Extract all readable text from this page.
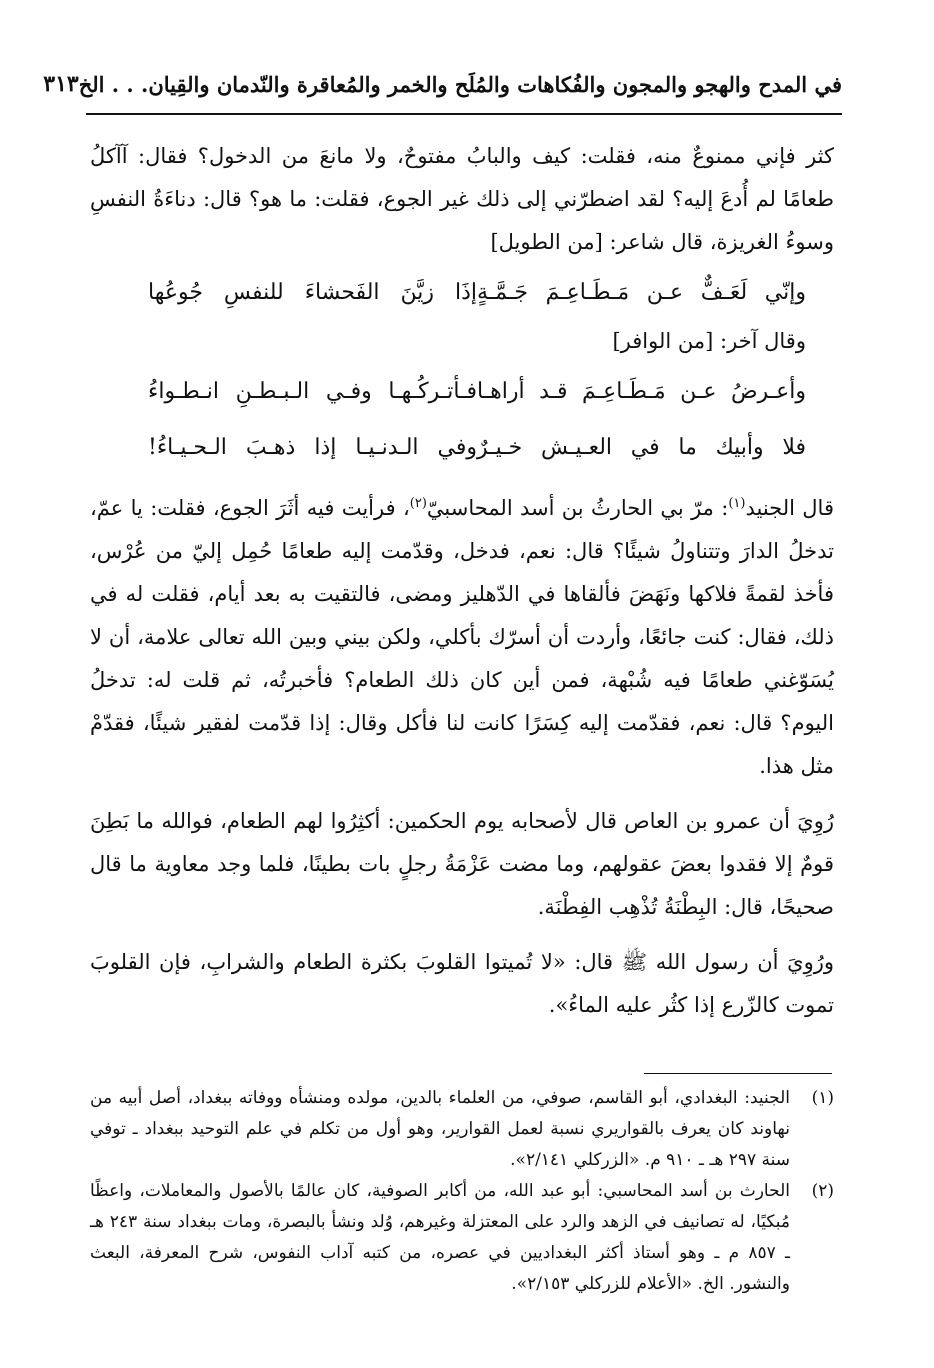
في المدح والهجو والمجون والفُكاهات والمُلَح والخمر والمُعاقرة والنّدمان والقِيان. . . الخ
٣١٣

كثر فإني ممنوعٌ منه، فقلت: كيف والبابُ مفتوحٌ، ولا مانعَ من الدخول؟ فقال: آآكلُ طعامًا لم أُدعَ إليه؟ لقد اضطرّني إلى ذلك غير الجوع، فقلت: ما هو؟ قال: دناءَةُ النفسِ وسوءُ الغريزة، قال شاعر: [من الطويل]

وإنّي لَعَـفٌّ عـن مَـطَـاعِـمَ جَـمَّـةٍ
إذَا زيَّنَ الفَحشاءَ للنفسِ جُوعُها

وقال آخر: [من الوافر]

وأعـرضُ عـن مَـطَـاعِـمَ قـد أراهـا
فـأتـركُـهـا وفـي الـبـطـنِ انـطـواءُ
فلا وأبيك ما في العـيـش خـيـرٌ
وفي الـدنـيـا إذا ذهـبَ الـحـيـاءُ!

قال الجنيد$^{(١)}$: مرّ بي الحارثُ بن أسد المحاسبيّ$^{(٢)}$، فرأيت فيه أثَرَ الجوع، فقلت: يا عمّ، تدخلُ الدارَ وتتناولُ شيئًا؟ قال: نعم، فدخل، وقدّمت إليه طعامًا حُمِل إليّ من عُرْس، فأخذ لقمةً فلاكها ونَهَضَ فألقاها في الدّهليز ومضى، فالتقيت به بعد أيام، فقلت له في ذلك، فقال: كنت جائعًا، وأردت أن أسرّك بأكلي، ولكن بيني وبين الله تعالى علامة، أن لا يُسَوّغني طعامًا فيه شُبْهة، فمن أين كان ذلك الطعام؟ فأخبرتُه، ثم قلت له: تدخلُ اليوم؟ قال: نعم، فقدّمت إليه كِسَرًا كانت لنا فأكل وقال: إذا قدّمت لفقير شيئًا، فقدّمْ مثل هذا.

رُوِيَ أن عمرو بن العاص قال لأصحابه يوم الحكمين: أكثِرُوا لهم الطعام، فوالله ما بَطِنَ قومٌ إلا فقدوا بعضَ عقولهم، وما مضت عَزْمَةُ رجلٍ بات بطينًا، فلما وجد معاوية ما قال صحيحًا، قال: البِطْنَةُ تُذْهِب الفِطْنَة.

ورُوِيَ أن رسول الله ﷺ قال: «لا تُميتوا القلوبَ بكثرة الطعام والشرابِ، فإن القلوبَ تموت كالزّرع إذا كثُر عليه الماءُ».

(١)
الجنيد: البغدادي، أبو القاسم، صوفي، من العلماء بالدين، مولده ومنشأه ووفاته ببغداد، أصل أبيه من نهاوند كان يعرف بالقواريري نسبة لعمل القوارير، وهو أول من تكلم في علم التوحيد ببغداد ـ توفي سنة ٢٩٧ هـ ـ ٩١٠ م. «الزركلي ٢/١٤١».

(٢)
الحارث بن أسد المحاسبي: أبو عبد الله، من أكابر الصوفية، كان عالمًا بالأصول والمعاملات، واعظًا مُبكيًا، له تصانيف في الزهد والرد على المعتزلة وغيرهم، وُلد ونشأ بالبصرة، ومات ببغداد سنة ٢٤٣ هـ ـ ٨٥٧ م ـ وهو أستاذ أكثر البغداديين في عصره، من كتبه آداب النفوس، شرح المعرفة، البعث والنشور. الخ. «الأعلام للزركلي ٢/١٥٣».
